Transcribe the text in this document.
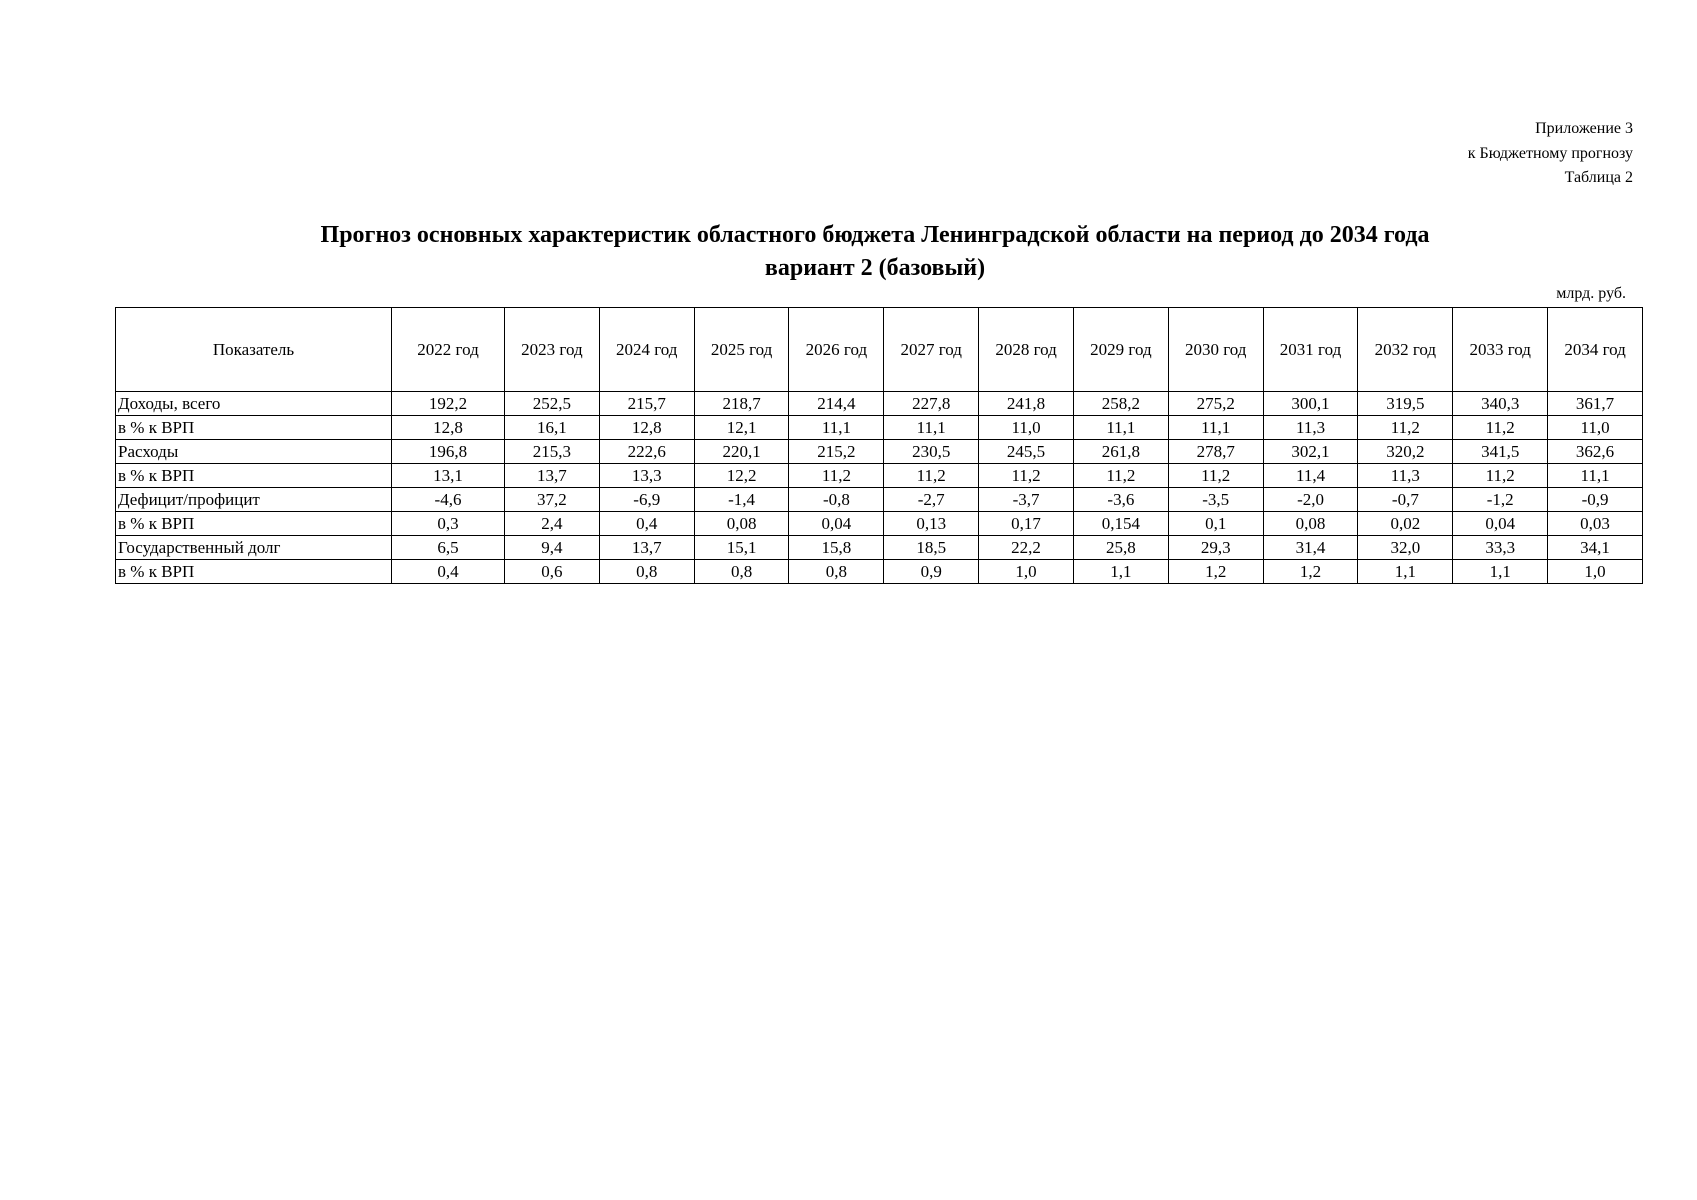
Приложение 3
к Бюджетному прогнозу
Таблица 2
Прогноз основных характеристик областного бюджета Ленинградской области на период до 2034 года
вариант 2 (базовый)
млрд. руб.
Показатель	2022 год	2023 год	2024 год	2025 год	2026 год	2027 год	2028 год	2029 год	2030 год	2031 год	2032 год	2033 год	2034 год
Доходы, всего	192,2	252,5	215,7	218,7	214,4	227,8	241,8	258,2	275,2	300,1	319,5	340,3	361,7
в % к ВРП	12,8	16,1	12,8	12,1	11,1	11,1	11,0	11,1	11,1	11,3	11,2	11,2	11,0
Расходы	196,8	215,3	222,6	220,1	215,2	230,5	245,5	261,8	278,7	302,1	320,2	341,5	362,6
в % к ВРП	13,1	13,7	13,3	12,2	11,2	11,2	11,2	11,2	11,2	11,4	11,3	11,2	11,1
Дефицит/профицит	-4,6	37,2	-6,9	-1,4	-0,8	-2,7	-3,7	-3,6	-3,5	-2,0	-0,7	-1,2	-0,9
в % к ВРП	0,3	2,4	0,4	0,08	0,04	0,13	0,17	0,154	0,1	0,08	0,02	0,04	0,03
Государственный долг	6,5	9,4	13,7	15,1	15,8	18,5	22,2	25,8	29,3	31,4	32,0	33,3	34,1
в % к ВРП	0,4	0,6	0,8	0,8	0,8	0,9	1,0	1,1	1,2	1,2	1,1	1,1	1,0
